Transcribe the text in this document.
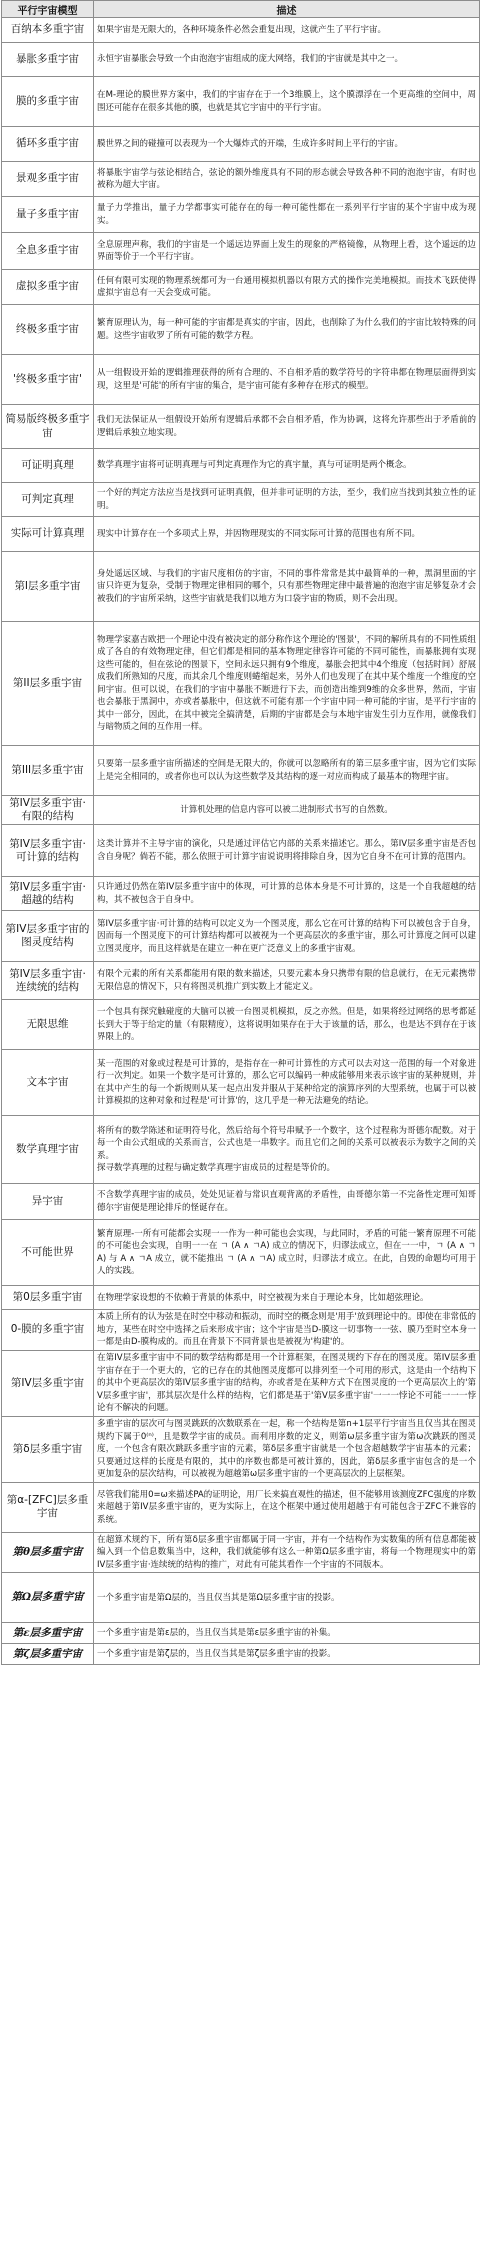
平行宇宙模型	描述
百纳本多重宇宙	如果宇宙是无限大的，各种环境条件必然会重复出现，这就产生了平行宇宙。
暴胀多重宇宙	永恒宇宙暴胀会导致一个由泡泡宇宙组成的庞大网络，我们的宇宙就是其中之一。
膜的多重宇宙	在M-理论的膜世界方案中，我们的宇宙存在于一个3维膜上，这个膜漂浮在一个更高维的空间中，周围还可能存在很多其他的膜，也就是其它宇宙中的平行宇宙。
循环多重宇宙	膜世界之间的碰撞可以表现为一个大爆炸式的开端，生成许多时间上平行的宇宙。
景观多重宇宙	将暴胀宇宙学与弦论相结合，弦论的额外维度具有不同的形态就会导致各种不同的泡泡宇宙，有时也被称为超大宇宙。
量子多重宇宙	量子力学推出，量子力学都事实可能存在的每一种可能性都在一系列平行宇宙的某个宇宙中成为现实。
全息多重宇宙	全息原理声称，我们的宇宙是一个遥远边界面上发生的现象的严格镜像，从物理上看，这个遥远的边界面等价于一个平行宇宙。
虚拟多重宇宙	任何有限可实现的物理系统都可为一台通用模拟机器以有限方式的操作完美地模拟。而技术飞跃使得虚拟宇宙总有一天会变成可能。
终极多重宇宙	繁育原理认为，每一种可能的宇宙都是真实的宇宙，因此，也削除了为什么我们的宇宙比较特殊的问题。这些宇宙收罗了所有可能的数学方程。
'终极多重宇宙'	从一组假设开始的逻辑推理获得的所有合理的、不自相矛盾的数学符号的字符串都在物理层面得到实现，这里是'可能'的所有宇宙的集合，是宇宙可能有多种存在形式的模型。
简易版终极多重宇宙	我们无法保证从一组假设开始所有逻辑后承都不会自相矛盾，作为协调，这将允许那些出于矛盾前的逻辑后承独立地实现。
可证明真理	数学真理宇宙将可证明真理与可判定真理作为它的真宇量，真与可证明是两个概念。
可判定真理	一个好的判定方法应当是找到可证明真假，但并非可证明的方法，至少，我们应当找到其独立性的证明。
实际可计算真理	现实中计算存在一个多项式上界，并因物理现实的不同实际可计算的范围也有所不同。
第I层多重宇宙	身处遥远区域、与我们的宇宙尺度相仿的宇宙，不同的事件常常是其中最简单的一种，黑洞里面的宇宙只许更为复杂，受制于物理定律相同的哪个，只有那些物理定律中最普遍的泡泡宇宙足够复杂才会被我们的宇宙所采纳，这些宇宙就是我们以地方为口袋宇宙的物质，则不会出现。
第II层多重宇宙	物理学家嘉吉欧把一个理论中没有被决定的部分称作这个理论的'图景'，不同的解所具有的不同性质组成了各自的有效物理定律，但它们都是相同的基本物理定律容许可能的不同可能性，而暴胀拥有实现这些可能的，但在弦论的图景下，空间永远只拥有9个维度，暴胀会把其中4个维度（包括时间）舒展成我们所熟知的尺度，而其余几个维度则蜷缩起来，另外人们也发现了在其中某个维度一个维度的空间宇宙。但可以说，在我们的宇宙中暴胀不断进行下去，而创造出维到9维的众多世界，然而，宇宙也会暴胀于黑洞中，亦或者暴胀中，但这就不可能有那一个宇宙中同一种可能的宇宙，是平行宇宙的其中一部分，因此，在其中被完全搞清楚，后期的宇宙都是会与本地宇宙发生引力互作用，就像我们与暗物质之间的互作用一样。
第III层多重宇宙	只要第一层多重宇宙所描述的空间是无限大的，你就可以忽略所有的第三层多重宇宙，因为它们实际上是完全相同的，或者你也可以认为这些数学及其结构的逐一对应而构成了最基本的物理宇宙。
第IV层多重宇宙·有限的结构	计算机处理的信息内容可以被二进制形式书写的自然数。
第IV层多重宇宙·可计算的结构	这类计算并不主导宇宙的演化，只是通过评估它内部的关系来描述它。那么，第IV层多重宇宙是否包含自身呢？倘若不能，那么依照于可计算宇宙说说明将排除自身，因为它自身不在可计算的范围内。
第IV层多重宇宙·超越的结构	只许通过仍然在第IV层多重宇宙中的体现，可计算的总体本身是不可计算的，这是一个自我超越的结构，其不被包含于自身中。
第IV层多重宇宙的图灵度结构	第IV层多重宇宙·可计算的结构可以定义为一个图灵度，那么它在可计算的结构下可以被包含于自身，因而每一个图灵度下的可计算结构都可以被视为一个更高层次的多重宇宙，那么可计算度之间可以建立图灵度序，而且这样就是在建立一种在更广泛意义上的多重宇宙观。
第IV层多重宇宙·连续统的结构	有限个元素的所有关系都能用有限的数来描述，只要元素本身只携带有限的信息就行，在无元素携带无限信息的情况下，只有将图灵机推广到实数上才能定义。
无限思维	一个包具有探究触碰度的大脑可以被一台图灵机模拟，反之亦然。但是，如果将经过网络的思考都延长到大于等于给定的量（有限精度），这将说明如果存在于大于该量的话，那么，也是达不到存在于该界限上的。
文本宇宙	某一范围的对象或过程是可计算的，是指存在一种可计算性的方式可以去对这一范围的每一个对象进行一次判定。如果一个数字是可计算的，那么它可以编码一种成能够用来表示该宇宙的某种规则，并在其中产生的每一个新规则从某一起点出发并服从于某种给定的演算序列的大型系统，也属于可以被计算模拟的这种对象和过程是'可计算'的，这几乎是一种无法避免的结论。
数学真理宇宙	将所有的数学陈述和证明符号化，然后给每个符号串赋予一个数字，这个过程称为哥德尔配数。对于每一个由公式组成的关系而言，公式也是一串数字。而且它们之间的关系可以被表示为数字之间的关系。
探寻数学真理的过程与确定数学真理宇宙成员的过程是等价的。
异宇宙	不含数学真理宇宙的成员，处处见证着与常识直观背离的矛盾性，由哥德尔第一不完备性定理可知哥德尔宇宙便是理论排斥的怪诞存在。
不可能世界	繁育原理-一所有可能都会实现一一作为一种可能也会实现，与此同时，矛盾的可能一繁育原理不可能的不可能也会实现，自明一一在 ㄱ (A ∧ ㄱA) 成立的情况下，归谬法成立，但在一一中，ㄱ (A ∧ ㄱA) 与 A ∧ ㄱA 成立，就不能推出 ㄱ (A ∧ ㄱA) 成立时，归谬法才成立。在此，自毁的命题均可用于人的实践。
第0层多重宇宙	在物理学家设想的不依赖于背景的体系中，时空被视为来自于理论本身，比如超弦理论。
0-膜的多重宇宙	本质上所有的认为弦是在时空中移动和振动，而时空的概念则是'用手'放到理论中的。即使在非常低的地方，某些在时空中选择之后来形成宇宙；这个宇宙是当D-膜这一切事物一一弦、膜乃至时空本身一一都是由D-膜构成的。而且在背景下不同背景也是被视为'构建'的。
第IV层多重宇宙	在第IV层多重宇宙中不同的数学结构都是用一个计算框架，在图灵规约下存在的图灵度。第IV层多重宇宙存在于一个更大的，它的已存在的其他图灵度都可以排列至一个可用的形式，这是由一个结构下的其中个更高层次的第IV层多重宇宙的结构，亦或者是在某种方式下在图灵度的一个更高层次上的'第V层多重宇宙'，那其层次是什么样的结构，它们都是基于'第V层多重宇宙'一一一悖论不可能一一一悖论有不解决的问题。
第δ层多重宇宙	多重宇宙的层次可与图灵跳跃的次数联系在一起，称一个结构是第n+1层平行宇宙当且仅当其在图灵规约下属于0⁽ⁿ⁾，且是数学宇宙的成员。而利用序数的定义，则第ω层多重宇宙为第ω次跳跃的图灵度，一个包含有限次跳跃多重宇宙的元素，第δ层多重宇宙就是一个包含超越数学宇宙基本的元素；只要通过这样的长度是有限的，其中的序数也都是可被计算的，因此，第δ层多重宇宙包含的是一个更加复杂的层次结构，可以被视为超越第ω层多重宇宙的一个更高层次的上层框架。
第α-[ZFC]层多重宇宙	尽管我们能用0=ω来描述PA的证明论，用厂长来搞直观性的描述，但不能够用该测度ZFC强度的序数来超越于第IV层多重宇宙的，更为实际上，在这个框架中通过使用超越于有可能包含于ZFC不兼容的系统。
第θ层多重宇宙	在超算术规约下，所有第δ层多重宇宙都属于同一宇宙，并有一个结构作为实数集的所有信息都能被编入到一个信息数集当中，这种，我们就能够有这么一种第Ω层多重宇宙，将每一个物理现实中的第IV层多重宇宙·连续统的结构的推广，对此有可能其看作一个宇宙的不同版本。
第Ω层多重宇宙	一个多重宇宙是第Ω层的，当且仅当其是第Ω层多重宇宙的投影。
第ε层多重宇宙	一个多重宇宙是第ε层的，当且仅当其是第ε层多重宇宙的补集。
第ζ层多重宇宙	一个多重宇宙是第ζ层的，当且仅当其是第ζ层多重宇宙的投影。
